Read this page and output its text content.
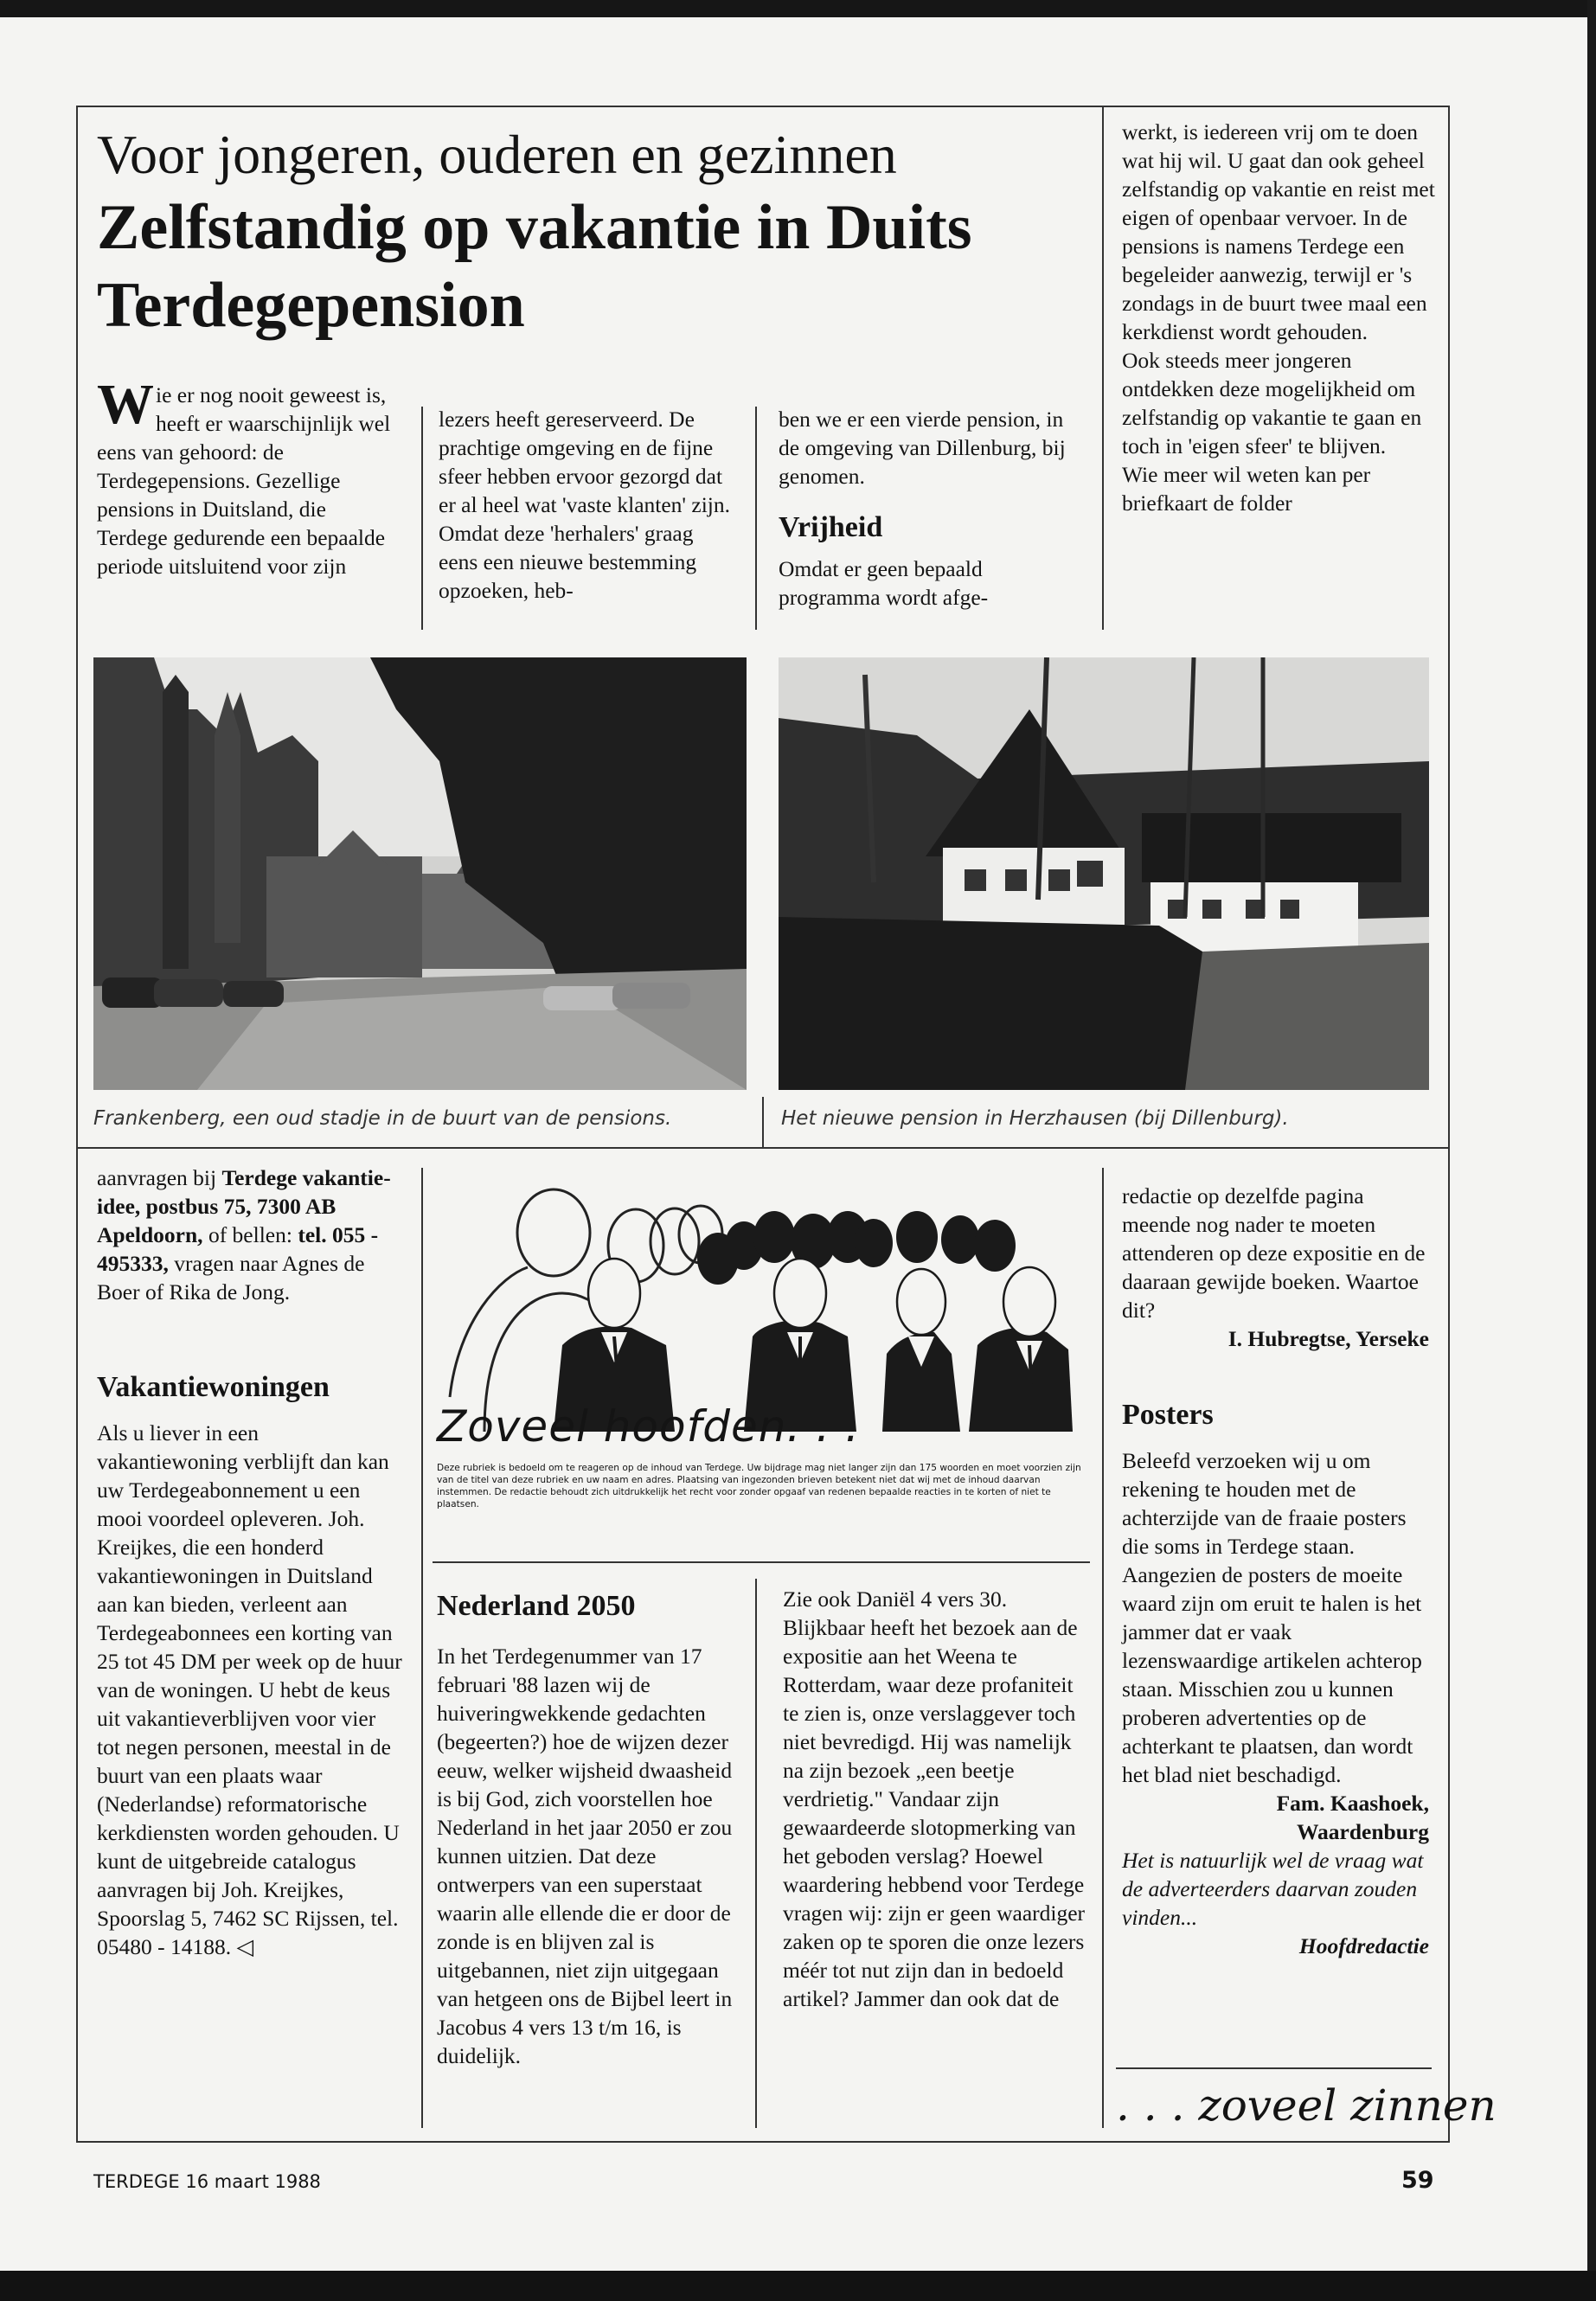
Voor jongeren, ouderen en gezinnen
Zelfstandig op vakantie in Duits Terdegepension
Wie er nog nooit geweest is, heeft er waarschijnlijk wel eens van gehoord: de Terdegepensions. Gezellige pensions in Duitsland, die Terdege gedurende een bepaalde periode uitsluitend voor zijn
lezers heeft gereserveerd. De prachtige omgeving en de fijne sfeer hebben ervoor gezorgd dat er al heel wat 'vaste klanten' zijn. Omdat deze 'herhalers' graag eens een nieuwe bestemming opzoeken, heb-

ben we er een vierde pension, in de omgeving van Dillenburg, bij genomen.

Vrijheid

Omdat er geen bepaald programma wordt afge-

werkt, is iedereen vrij om te doen wat hij wil. U gaat dan ook geheel zelfstandig op vakantie en reist met eigen of openbaar vervoer. In de pensions is namens Terdege een begeleider aanwezig, terwijl er 's zondags in de buurt twee maal een kerkdienst wordt gehouden.

Ook steeds meer jongeren ontdekken deze mogelijkheid om zelfstandig op vakantie te gaan en toch in 'eigen sfeer' te blijven.

Wie meer wil weten kan per briefkaart de folder

Frankenberg, een oud stadje in de buurt van de pensions.	Het nieuwe pension in Herzhausen (bij Dillenburg).
aanvragen bij Terdege vakantie-idee, postbus 75, 7300 AB Apeldoorn, of bellen: tel. 055 - 495333, vragen naar Agnes de Boer of Rika de Jong.
Vakantiewoningen
Als u liever in een vakantiewoning verblijft dan kan uw Terdegeabonnement u een mooi voordeel opleveren. Joh. Kreijkes, die een honderd vakantiewoningen in Duitsland aan kan bieden, verleent aan Terdegeabonnees een korting van 25 tot 45 DM per week op de huur van de woningen. U hebt de keus uit vakantieverblijven voor vier tot negen personen, meestal in de buurt van een plaats waar (Nederlandse) reformatorische kerkdiensten worden gehouden. U kunt de uitgebreide catalogus aanvragen bij Joh. Kreijkes, Spoorslag 5, 7462 SC Rijssen, tel. 05480 - 14188. ◁
Zoveel hoofden. . .
Deze rubriek is bedoeld om te reageren op de inhoud van Terdege. Uw bijdrage mag niet langer zijn dan 175 woorden en moet voorzien zijn van de titel van deze rubriek en uw naam en adres. Plaatsing van ingezonden brieven betekent niet dat wij met de inhoud daarvan instemmen. De redactie behoudt zich uitdrukkelijk het recht voor zonder opgaaf van redenen bepaalde reacties in te korten of niet te plaatsen.
Nederland 2050
In het Terdegenummer van 17 februari '88 lazen wij de huiveringwekkende gedachten (begeerten?) hoe de wijzen dezer eeuw, welker wijsheid dwaasheid is bij God, zich voorstellen hoe Nederland in het jaar 2050 er zou kunnen uitzien. Dat deze ontwerpers van een superstaat waarin alle ellende die er door de zonde is en blijven zal is uitgebannen, niet zijn uitgegaan van hetgeen ons de Bijbel leert in Jacobus 4 vers 13 t/m 16, is duidelijk.
Zie ook Daniël 4 vers 30. Blijkbaar heeft het bezoek aan de expositie aan het Weena te Rotterdam, waar deze profaniteit te zien is, onze verslaggever toch niet bevredigd. Hij was namelijk na zijn bezoek „een beetje verdrietig." Vandaar zijn gewaardeerde slotopmerking van het geboden verslag? Hoewel waardering hebbend voor Terdege vragen wij: zijn er geen waardiger zaken op te sporen die onze lezers méér tot nut zijn dan in bedoeld artikel? Jammer dan ook dat de

redactie op dezelfde pagina meende nog nader te moeten attenderen op deze expositie en de daaraan gewijde boeken. Waartoe dit?

I. Hubregtse, Yerseke

Posters

Beleefd verzoeken wij u om rekening te houden met de achterzijde van de fraaie posters die soms in Terdege staan. Aangezien de posters de moeite waard zijn om eruit te halen is het jammer dat er vaak lezenswaardige artikelen achterop staan. Misschien zou u kunnen proberen advertenties op de achterkant te plaatsen, dan wordt het blad niet beschadigd.

Fam. Kaashoek,

Waardenburg

Het is natuurlijk wel de vraag wat de adverteerders daarvan zouden vinden...

Hoofdredactie

. . . zoveel zinnen
TERDEGE 16 maart 1988	59
